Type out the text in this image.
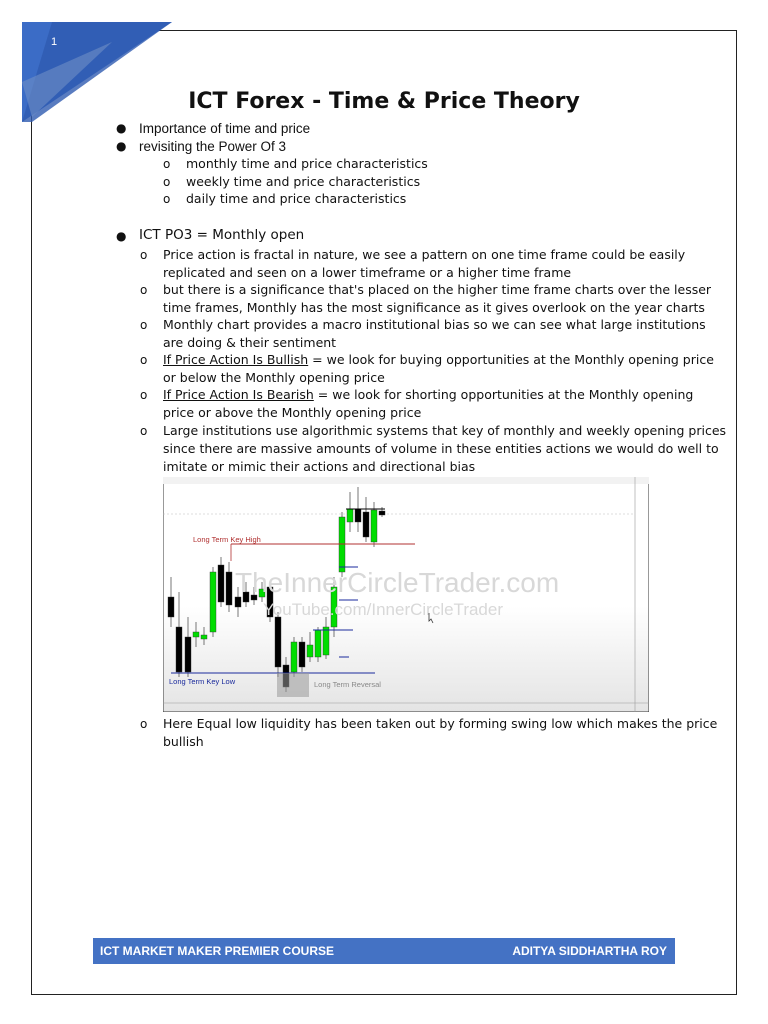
1
ICT Forex - Time & Price Theory
● Importance of time and price
● revisiting the Power Of 3
o monthly time and price characteristics
o weekly time and price characteristics
o daily time and price characteristics
● ICT PO3 = Monthly open
o Price action is fractal in nature, we see a pattern on one time frame could be easily
replicated and seen on a lower timeframe or a higher time frame
o but there is a significance that's placed on the higher time frame charts over the lesser
time frames, Monthly has the most significance as it gives overlook on the year charts
o Monthly chart provides a macro institutional bias so we can see what large institutions
are doing & their sentiment
o If Price Action Is Bullish = we look for buying opportunities at the Monthly opening price
or below the Monthly opening price
o If Price Action Is Bearish = we look for shorting opportunities at the Monthly opening
price or above the Monthly opening price
o Large institutions use algorithmic systems that key of monthly and weekly opening prices
since there are massive amounts of volume in these entities actions we would do well to
imitate or mimic their actions and directional bias
Long Term Key High
Long Term Key Low	Long Term Reversal
TheInnerCircleTrader.com
YouTube.com/InnerCircleTrader
o Here Equal low liquidity has been taken out by forming swing low which makes the price
bullish
ICT MARKET MAKER PREMIER COURSE	ADITYA SIDDHARTHA ROY
